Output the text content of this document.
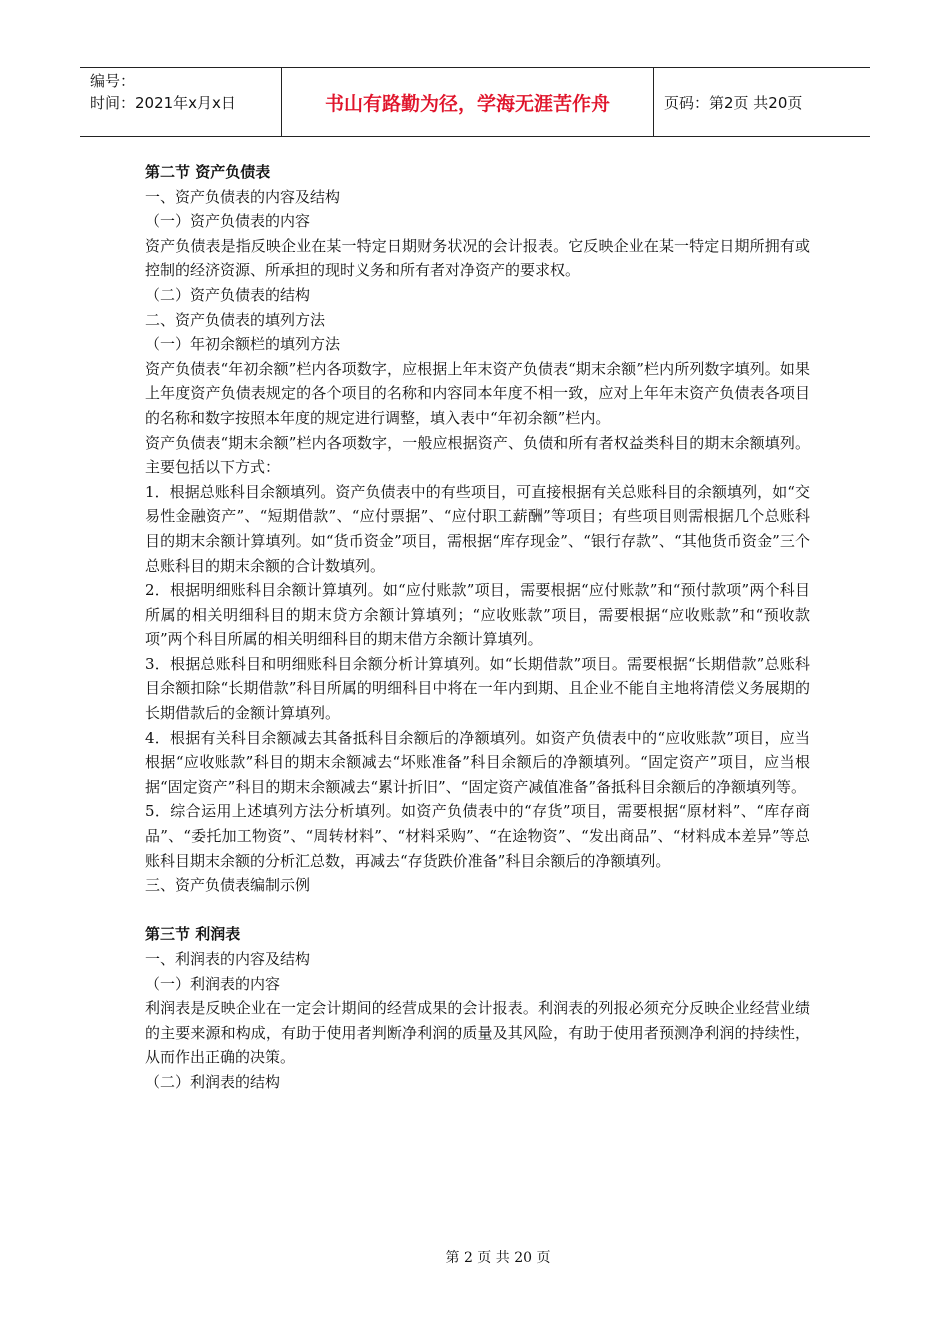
编号：
时间：2021年x月x日	书山有路勤为径，学海无涯苦作舟	页码：第2页 共20页

第二节 资产负债表

一、资产负债表的内容及结构

（一）资产负债表的内容

资产负债表是指反映企业在某一特定日期财务状况的会计报表。它反映企业在某一特定日期所拥有或控制的经济资源、所承担的现时义务和所有者对净资产的要求权。

（二）资产负债表的结构

二、资产负债表的填列方法

（一）年初余额栏的填列方法

资产负债表“年初余额”栏内各项数字，应根据上年末资产负债表“期末余额”栏内所列数字填列。如果上年度资产负债表规定的各个项目的名称和内容同本年度不相一致，应对上年年末资产负债表各项目的名称和数字按照本年度的规定进行调整，填入表中“年初余额”栏内。

资产负债表“期末余额”栏内各项数字，一般应根据资产、负债和所有者权益类科目的期末余额填列。主要包括以下方式：

1．根据总账科目余额填列。资产负债表中的有些项目，可直接根据有关总账科目的余额填列，如“交易性金融资产”、“短期借款”、“应付票据”、“应付职工薪酬”等项目；有些项目则需根据几个总账科目的期末余额计算填列。如“货币资金”项目，需根据“库存现金”、“银行存款”、“其他货币资金”三个总账科目的期末余额的合计数填列。

2．根据明细账科目余额计算填列。如“应付账款”项目，需要根据“应付账款”和“预付款项”两个科目所属的相关明细科目的期末贷方余额计算填列；“应收账款”项目，需要根据“应收账款”和“预收款项”两个科目所属的相关明细科目的期末借方余额计算填列。

3．根据总账科目和明细账科目余额分析计算填列。如“长期借款”项目。需要根据“长期借款”总账科目余额扣除“长期借款”科目所属的明细科目中将在一年内到期、且企业不能自主地将清偿义务展期的长期借款后的金额计算填列。

4．根据有关科目余额减去其备抵科目余额后的净额填列。如资产负债表中的“应收账款”项目，应当根据“应收账款”科目的期末余额减去“坏账准备”科目余额后的净额填列。“固定资产”项目，应当根据“固定资产”科目的期末余额减去“累计折旧”、“固定资产减值准备”备抵科目余额后的净额填列等。

5．综合运用上述填列方法分析填列。如资产负债表中的“存货”项目，需要根据“原材料”、“库存商品”、“委托加工物资”、“周转材料”、“材料采购”、“在途物资”、“发出商品”、“材料成本差异”等总账科目期末余额的分析汇总数，再减去“存货跌价准备”科目余额后的净额填列。

三、资产负债表编制示例

第三节 利润表

一、利润表的内容及结构

（一）利润表的内容

利润表是反映企业在一定会计期间的经营成果的会计报表。利润表的列报必须充分反映企业经营业绩的主要来源和构成，有助于使用者判断净利润的质量及其风险，有助于使用者预测净利润的持续性，从而作出正确的决策。

（二）利润表的结构

第 2 页 共 20 页
